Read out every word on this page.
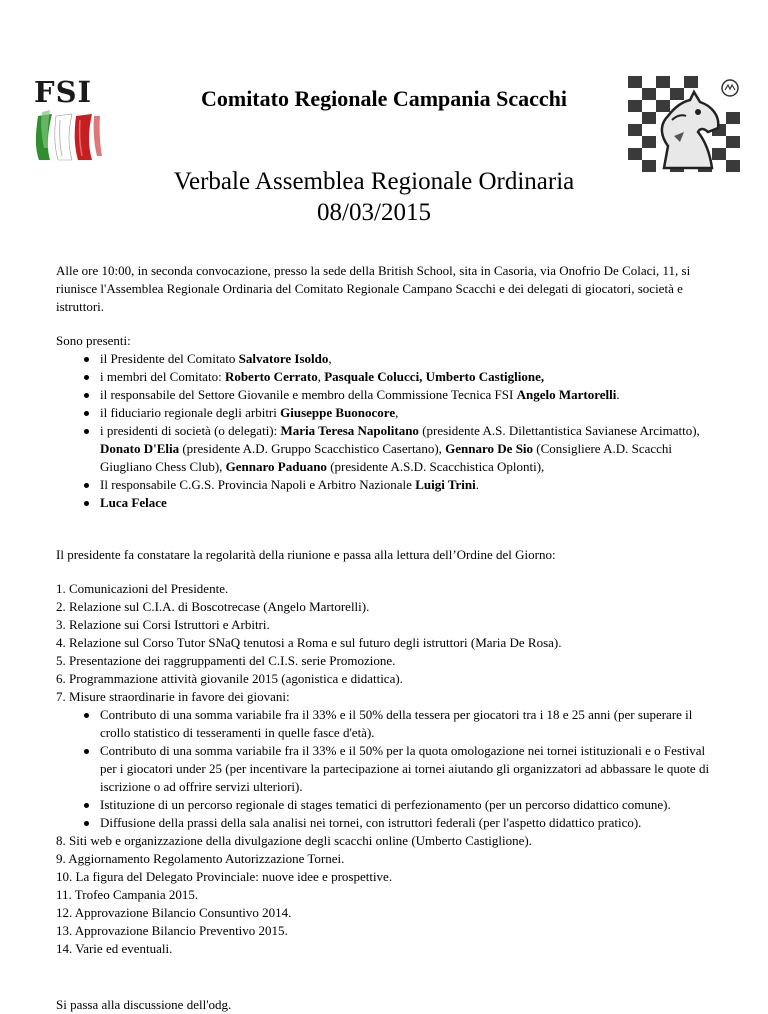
FSI	Comitato Regionale Campania Scacchi
Verbale Assemblea Regionale Ordinaria
08/03/2015

Alle ore 10:00, in seconda convocazione, presso la sede della British School, sita in Casoria, via Onofrio De Colaci, 11, si riunisce l'Assemblea Regionale Ordinaria del Comitato Regionale Campano Scacchi e dei delegati di giocatori, società e istruttori.

Sono presenti:

il Presidente del Comitato Salvatore Isoldo,
i membri del Comitato: Roberto Cerrato, Pasquale Colucci, Umberto Castiglione,
il responsabile del Settore Giovanile e membro della Commissione Tecnica FSI Angelo Martorelli.
il fiduciario regionale degli arbitri Giuseppe Buonocore,
i presidenti di società (o delegati): Maria Teresa Napolitano (presidente A.S. Dilettantistica Savianese Arcimatto), Donato D'Elia (presidente A.D. Gruppo Scacchistico Casertano), Gennaro De Sio (Consigliere A.D. Scacchi Giugliano Chess Club), Gennaro Paduano (presidente A.S.D. Scacchistica Oplonti),
Il responsabile C.G.S. Provincia Napoli e Arbitro Nazionale Luigi Trini.
Luca Felace

Il presidente fa constatare la regolarità della riunione e passa alla lettura dell’Ordine del Giorno:

1. Comunicazioni del Presidente.
2. Relazione sul C.I.A. di Boscotrecase (Angelo Martorelli).
3. Relazione sui Corsi Istruttori e Arbitri.
4. Relazione sul Corso Tutor SNaQ tenutosi a Roma e sul futuro degli istruttori (Maria De Rosa).
5. Presentazione dei raggruppamenti del C.I.S. serie Promozione.
6. Programmazione attività giovanile 2015 (agonistica e didattica).
7. Misure straordinarie in favore dei giovani:
Contributo di una somma variabile fra il 33% e il 50% della tessera per giocatori tra i 18 e 25 anni (per superare il crollo statistico di tesseramenti in quelle fasce d'età).
Contributo di una somma variabile fra il 33% e il 50% per la quota omologazione nei tornei istituzionali e o Festival per i giocatori under 25 (per incentivare la partecipazione ai tornei aiutando gli organizzatori ad abbassare le quote di iscrizione o ad offrire servizi ulteriori).
Istituzione di un percorso regionale di stages tematici di perfezionamento (per un percorso didattico comune).
Diffusione della prassi della sala analisi nei tornei, con istruttori federali (per l'aspetto didattico pratico).
8. Siti web e organizzazione della divulgazione degli scacchi online (Umberto Castiglione).
9. Aggiornamento Regolamento Autorizzazione Tornei.
10. La figura del Delegato Provinciale: nuove idee e prospettive.
11. Trofeo Campania 2015.
12. Approvazione Bilancio Consuntivo 2014.
13. Approvazione Bilancio Preventivo 2015.
14. Varie ed eventuali.

Si passa alla discussione dell'odg.
